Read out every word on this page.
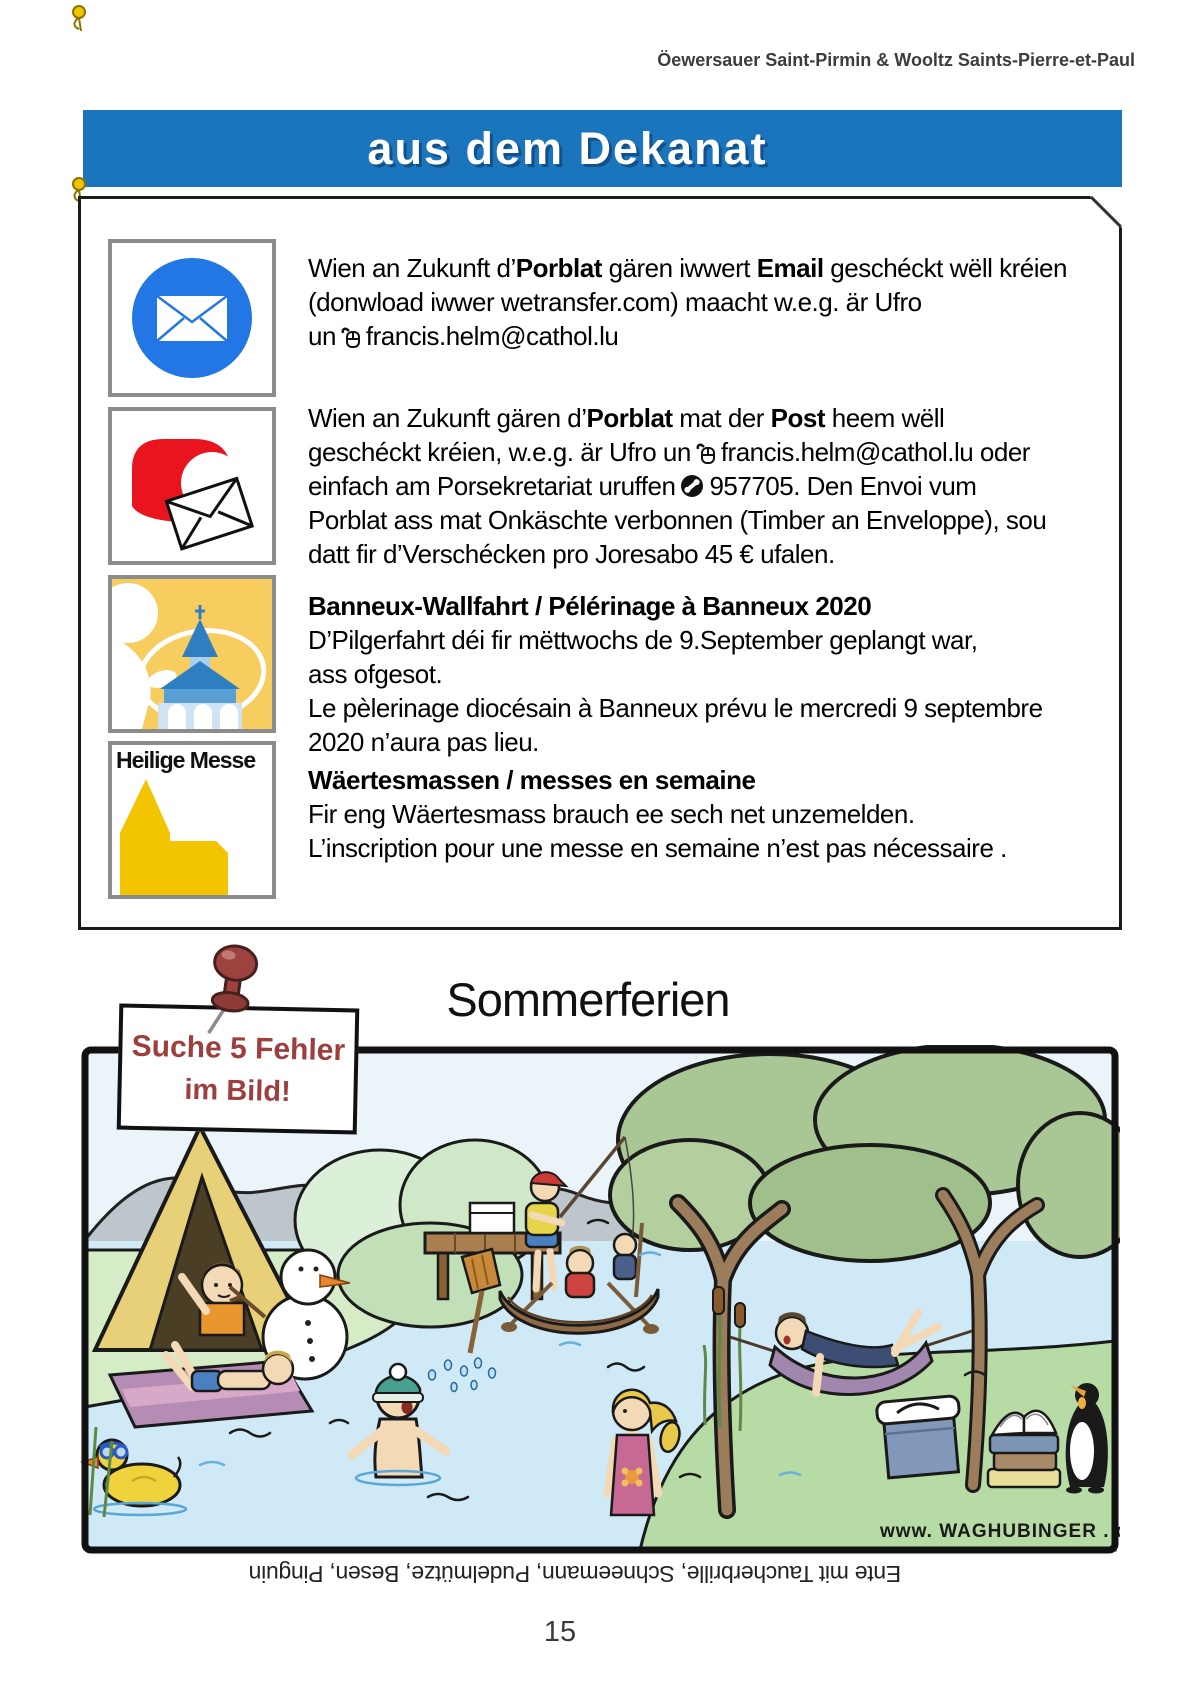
Öewersauer Saint-Pirmin & Wooltz Saints-Pierre-et-Paul
aus dem Dekanat
Heilige Messe
Wien an Zukunft d’Porblat gären iwwert Email geschéckt wëll kréien
(donwload iwwer wetransfer.com) maacht w.e.g. är Ufro
un francis.helm@cathol.lu
Wien an Zukunft gären d’Porblat mat der Post heem wëll
geschéckt kréien, w.e.g. är Ufro un francis.helm@cathol.lu oder
einfach am Porsekretariat uruffen 957705. Den Envoi vum
Porblat ass mat Onkäschte verbonnen (Timber an Enveloppe), sou
datt fir d’Verschécken pro Joresabo 45 € ufalen.
Banneux-Wallfahrt / Pélérinage à Banneux 2020
D’Pilgerfahrt déi fir mëttwochs de 9.September geplangt war,
ass ofgesot.
Le pèlerinage diocésain à Banneux prévu le mercredi 9 septembre
2020 n’aura pas lieu.
Wäertesmassen / messes en semaine
Fir eng Wäertesmass brauch ee sech net unzemelden.
L’inscription pour une messe en semaine n’est pas nécessaire .
Sommerferien
www. WAGHUBINGER . de
Suche 5 Fehler
im Bild!
Ente mit Taucherbrille, Schneemann, Pudelmütze, Besen, Pinguin
15
